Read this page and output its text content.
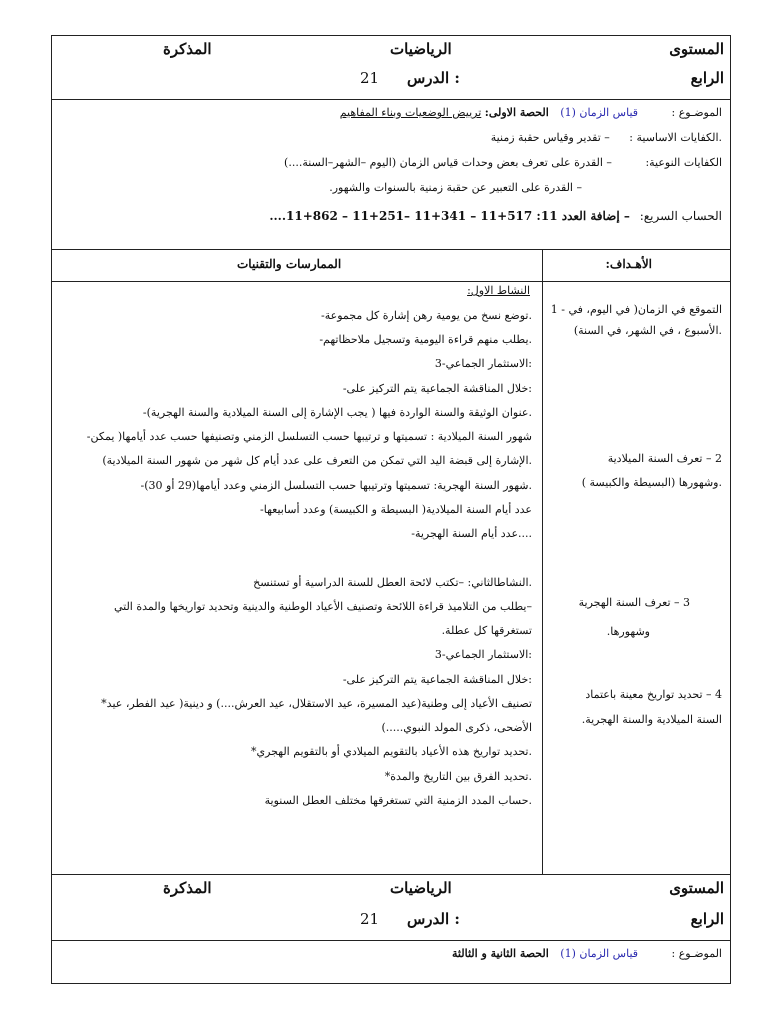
المستوى
الرابع
الرياضيات
المذكرة
الدرس :
21
الموضـوع : قياس الزمان (1) الحصة الاولى: ترييض الوضعيات وبناء المفاهيم
.الكفايات الاساسية : – تقدير وقياس حقبة زمنية
الكفايات النوعية: – القدرة على تعرف بعض وحدات قياس الزمان (اليوم –الشهر–السنة....)
– القدرة على التعبير عن حقبة زمنية بالسنوات والشهور.
الحساب السريع: – إضافة العدد 11: 517+11 – 341+11 –251+11 – 862+11....
:الأهـداف
الممارسات والتقنيات
التموقع في الزمان( في اليوم، في - 1
.الأسبوع ، في الشهر، في السنة)
2 – تعرف السنة الميلادية
.وشهورها (البسيطة والكبيسة )
3 – تعرف السنة الهجرية
وشهورها.
4 – تحديد تواريخ معينة باعتماد
السنة الميلادية والسنة الهجرية.
النشاط الاول:
.توضع نسخ من يومية رهن إشارة كل مجموعة-
.يطلب منهم قراءة اليومية وتسجيل ملاحظاتهم-
:الاستثمار الجماعي-3
:خلال المناقشة الجماعية يتم التركيز على-
.عنوان الوثيقة والسنة الواردة فيها ( يجب الإشارة إلى السنة الميلادية والسنة الهجرية)-
شهور السنة الميلادية : تسميتها و ترتيبها حسب التسلسل الزمني وتصنيفها حسب عدد أيامها( يمكن-
.الإشارة إلى قبضة اليد التي تمكن من التعرف على عدد أيام كل شهر من شهور السنة الميلادية)
.شهور السنة الهجرية: تسميتها وترتيبها حسب التسلسل الزمني وعدد أيامها(29 أو 30)-
عدد أيام السنة الميلادية( البسيطة و الكبيسة) وعدد أسابيعها-
....عدد أيام السنة الهجرية-
.النشاطالثاني: –تكتب لائحة العطل للسنة الدراسية أو تستنسخ
–يطلب من التلاميذ قراءة اللائحة وتصنيف الأعياد الوطنية والدينية وتحديد تواريخها والمدة التي
تستغرقها كل عطلة.
:الاستثمار الجماعي-3
:خلال المناقشة الجماعية يتم التركيز على-
تصنيف الأعياد إلى وطنية(عيد المسيرة، عيد الاستقلال، عيد العرش....) و دينية( عيد الفطر، عيد*
الأضحى، ذكرى المولد النبوي.....)
.تحديد تواريخ هذه الأعياد بالتقويم الميلادي أو بالتقويم الهجري*
.تحديد الفرق بين التاريخ والمدة*
.حساب المدد الزمنية التي تستغرقها مختلف العطل السنوية
المستوى
الرابع
الرياضيات
المذكرة
الدرس :
21
الموضـوع : قياس الزمان (1) الحصة الثانية و الثالثة
